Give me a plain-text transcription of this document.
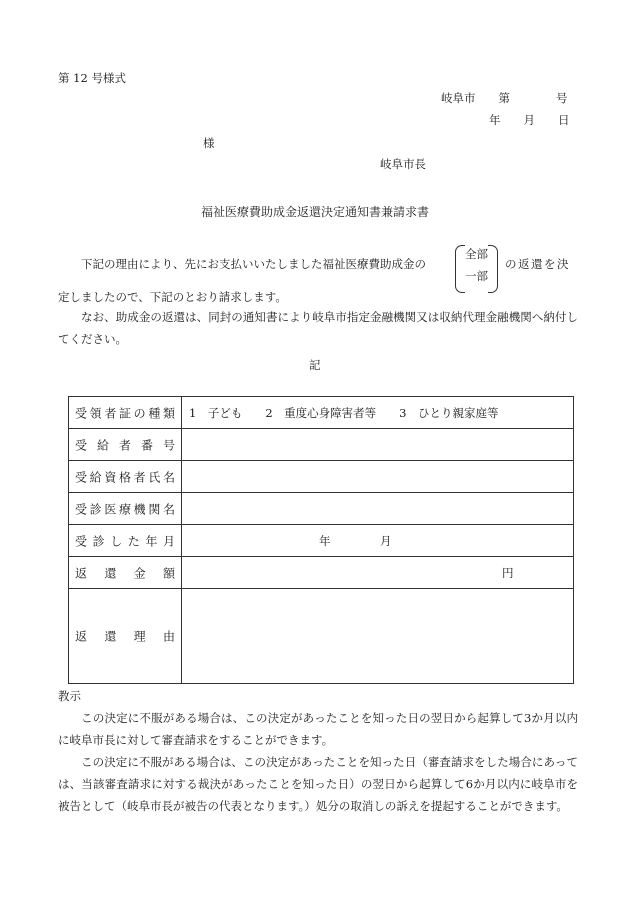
第 12 号様式
岐阜市　　第　　　　号
年　　月　　日
様
岐阜市長
福祉医療費助成金返還決定通知書兼請求書
下記の理由により、先にお支払いいたしました福祉医療費助成金の
全部
一部
の返還を決
定しましたので、下記のとおり請求します。

なお、助成金の返還は、同封の通知書により岐阜市指定金融機関又は収納代理金融機関へ納付してください。

記
受領者証の種類 1　子ども　　2　重度心身障害者等　　3　ひとり親家庭等
受給者番号
受給資格者氏名
受診医療機関名
受診した年月	年	月
返還金額	円
返還理由
教示

この決定に不服がある場合は、この決定があったことを知った日の翌日から起算して3か月以内に岐阜市長に対して審査請求をすることができます。

この決定に不服がある場合は、この決定があったことを知った日（審査請求をした場合にあっては、当該審査請求に対する裁決があったことを知った日）の翌日から起算して6か月以内に岐阜市を被告として（岐阜市長が被告の代表となります。）処分の取消しの訴えを提起することができます。
